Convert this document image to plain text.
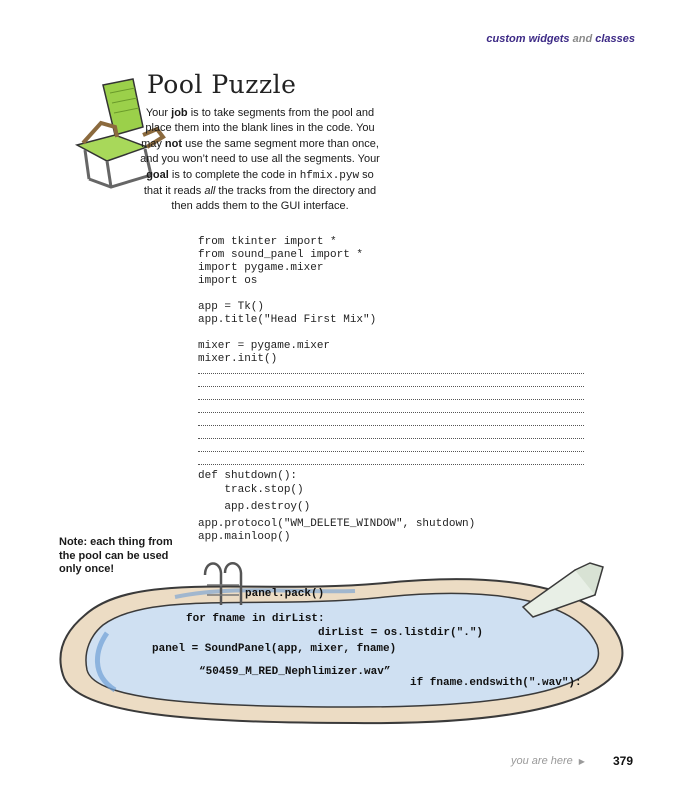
custom widgets and classes
Pool Puzzle
Your job is to take segments from the pool and place them into the blank lines in the code. You may not use the same segment more than once, and you won’t need to use all the segments. Your goal is to complete the code in hfmix.pyw so that it reads all the tracks from the directory and then adds them to the GUI interface.
from tkinter import *
from sound_panel import *
import pygame.mixer
import os
app = Tk()
app.title("Head First Mix")
mixer = pygame.mixer
mixer.init()
def shutdown():
track.stop()
app.destroy()
app.protocol("WM_DELETE_WINDOW", shutdown)
app.mainloop()
Note: each thing from the pool can be used only once!
panel.pack()
for fname in dirList:
dirList = os.listdir(".")
panel = SoundPanel(app, mixer, fname)
“50459_M_RED_Nephlimizer.wav”
if fname.endswith(".wav"):
you are here ▶ 379
